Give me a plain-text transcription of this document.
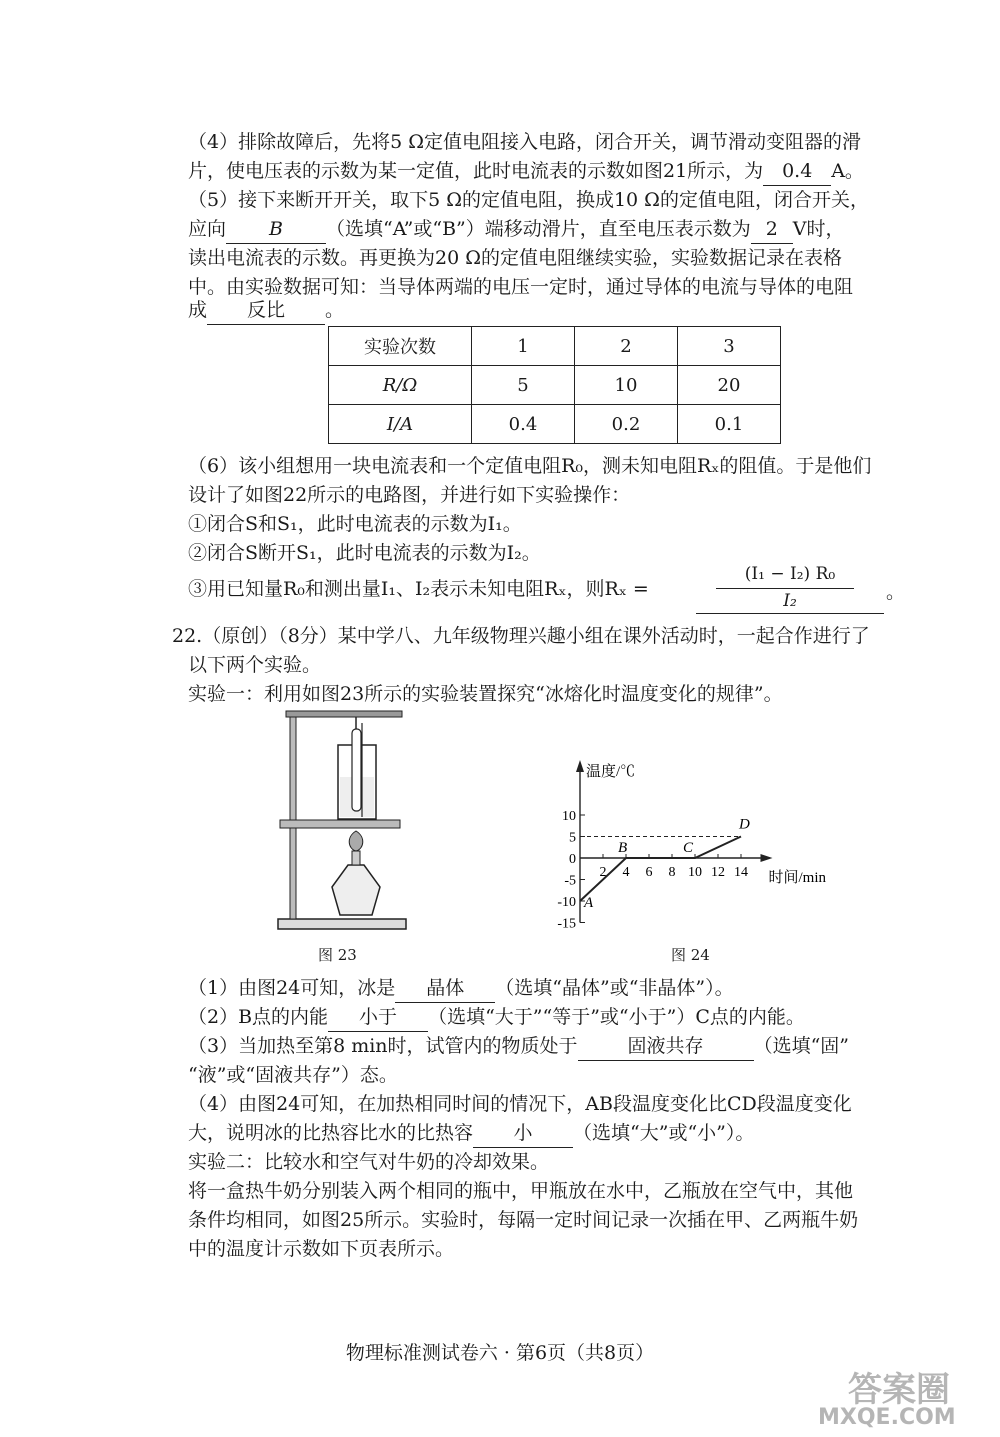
（4）排除故障后，先将5 Ω定值电阻接入电路，闭合开关，调节滑动变阻器的滑
片，使电压表的示数为某一定值，此时电流表的示数如图21所示，为 0.4 A。
（5）接下来断开开关，取下5 Ω的定值电阻，换成10 Ω的定值电阻，闭合开关，
应向 B （选填“A”或“B”）端移动滑片，直至电压表示数为 2 V时，
读出电流表的示数。再更换为20 Ω的定值电阻继续实验，实验数据记录在表格
中。由实验数据可知：当导体两端的电压一定时，通过导体的电流与导体的电阻
成 反比 。
实验次数	1	2	3
R/Ω	5	10	20
I/A	0.4	0.2	0.1
（6）该小组想用一块电流表和一个定值电阻R₀，测未知电阻Rₓ的阻值。于是他们
设计了如图22所示的电路图，并进行如下实验操作：
①闭合S和S₁，此时电流表的示数为I₁。
②闭合S断开S₁，此时电流表的示数为I₂。
③用已知量R₀和测出量I₁、I₂表示未知电阻Rₓ，则Rₓ =
(I₁ − I₂) R₀
I₂	。
22.（原创）（8分）某中学八、九年级物理兴趣小组在课外活动时，一起合作进行了
以下两个实验。
实验一：利用如图23所示的实验装置探究“冰熔化时温度变化的规律”。
图 23
温度/℃
时间/min
10
5
0
-5
-10
-15
2 4 6 8 10 12 14
A
B	C
D
图 24
（1）由图24可知，冰是 晶体 （选填“晶体”或“非晶体”）。
（2）B点的内能 小于 （选填“大于”“等于”或“小于”）C点的内能。
（3）当加热至第8 min时，试管内的物质处于	固液共存	（选填“固”
“液”或“固液共存”）态。
（4）由图24可知，在加热相同时间的情况下，AB段温度变化比CD段温度变化
大，说明冰的比热容比水的比热容 小 （选填“大”或“小”）。
实验二：比较水和空气对牛奶的冷却效果。
将一盒热牛奶分别装入两个相同的瓶中，甲瓶放在水中，乙瓶放在空气中，其他
条件均相同，如图25所示。实验时，每隔一定时间记录一次插在甲、乙两瓶牛奶
中的温度计示数如下页表所示。
物理标准测试卷六 · 第6页（共8页）
答案圈
MXQE.COM
